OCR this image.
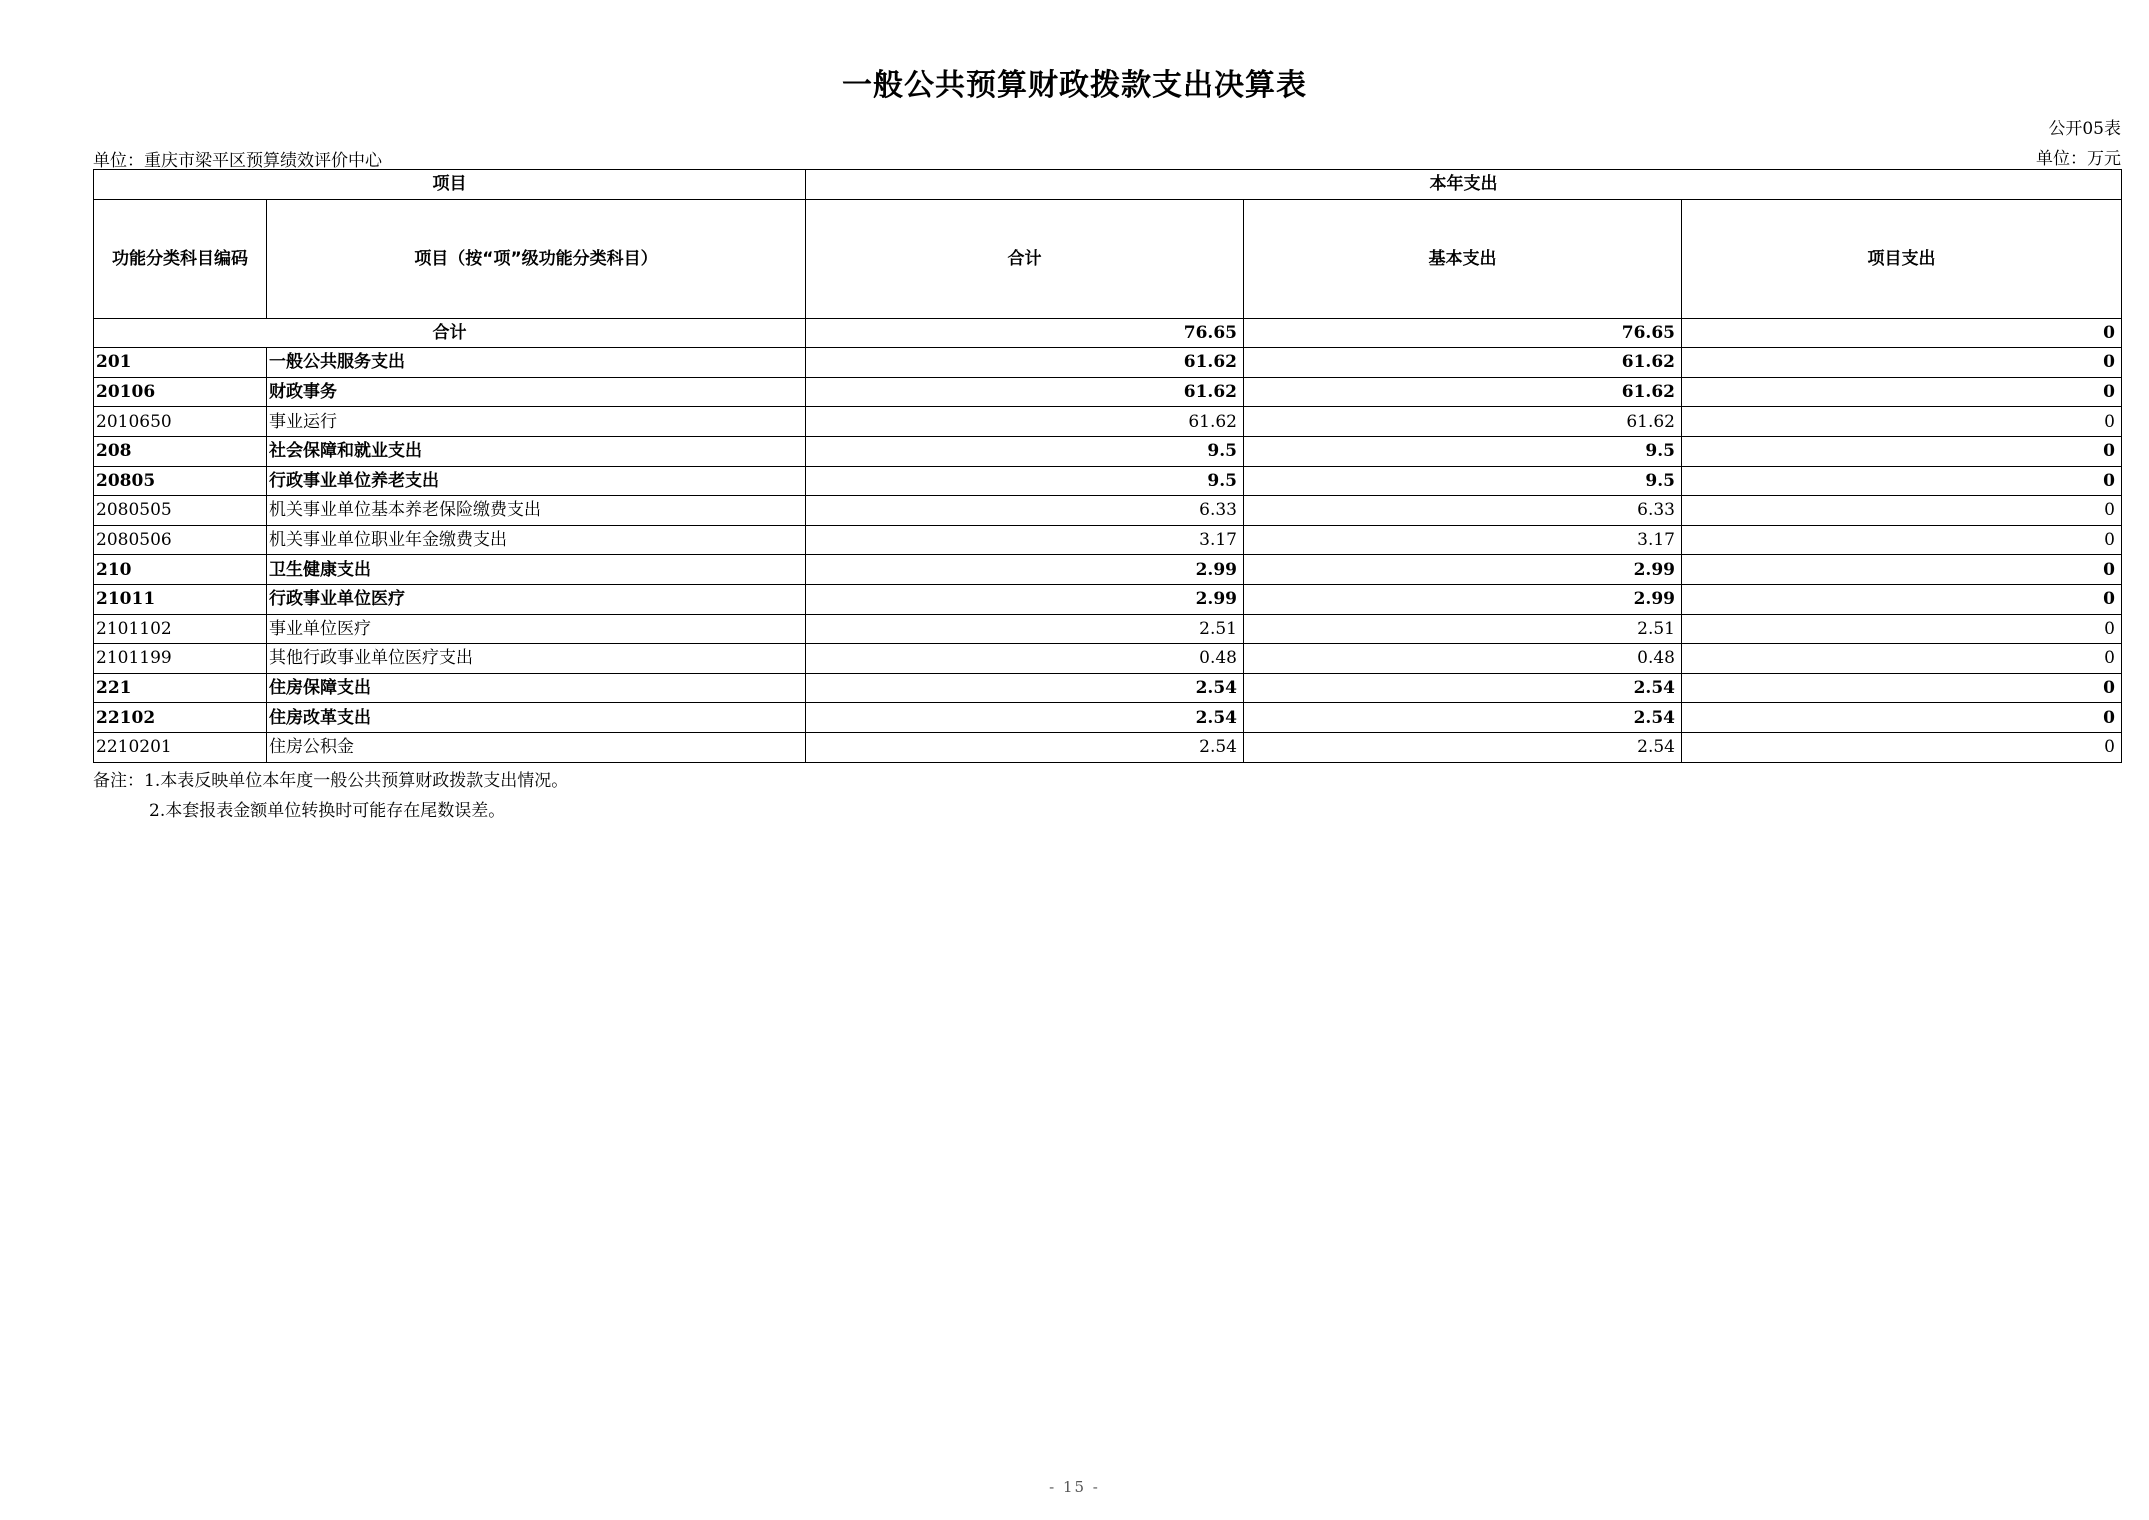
一般公共预算财政拨款支出决算表
公开05表
单位：重庆市梁平区预算绩效评价中心	单位：万元
项目		本年支出		
功能分类科目编码	项目（按“项”级功能分类科目）	合计	基本支出	项目支出
合计		76.65	76.65	0
201	一般公共服务支出	61.62	61.62	0
20106	财政事务	61.62	61.62	0
2010650	事业运行	61.62	61.62	0
208	社会保障和就业支出	9.5	9.5	0
20805	行政事业单位养老支出	9.5	9.5	0
2080505	机关事业单位基本养老保险缴费支出	6.33	6.33	0
2080506	机关事业单位职业年金缴费支出	3.17	3.17	0
210	卫生健康支出	2.99	2.99	0
21011	行政事业单位医疗	2.99	2.99	0
2101102	事业单位医疗	2.51	2.51	0
2101199	其他行政事业单位医疗支出	0.48	0.48	0
221	住房保障支出	2.54	2.54	0
22102	住房改革支出	2.54	2.54	0
2210201	住房公积金	2.54	2.54	0
备注：1.本表反映单位本年度一般公共预算财政拨款支出情况。
2.本套报表金额单位转换时可能存在尾数误差。
- 15 -
